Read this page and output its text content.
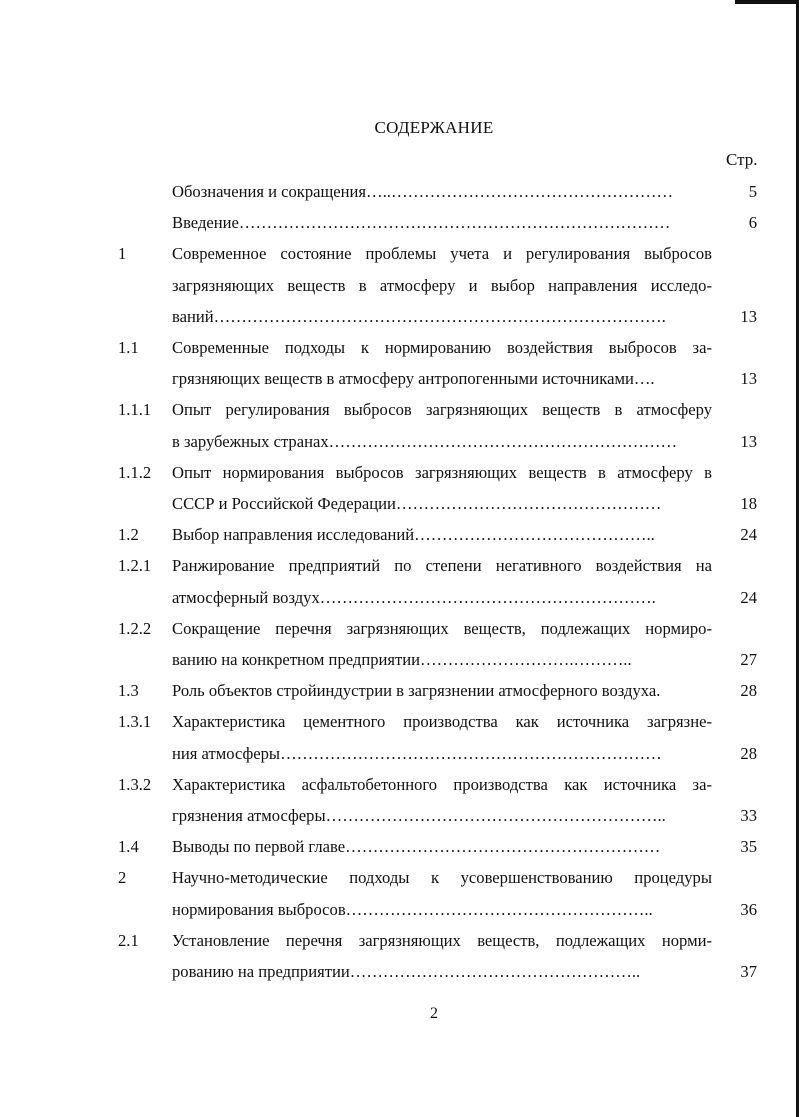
СОДЕРЖАНИЕ
Стр.
Обозначения и сокращения…..……………………………………………	5
Введение……………………………………………………………………	6
1	Современное состояние проблемы учета и регулирования выбросов
загрязняющих веществ в атмосферу и выбор направления исследо-
ваний……………………………………………………………………….	13
1.1 Современные подходы к нормированию воздействия выбросов за-
грязняющих веществ в атмосферу антропогенными источниками….	13
1.1.1 Опыт регулирования выбросов загрязняющих веществ в атмосферу
в зарубежных странах………………………………………………………	13
1.1.2 Опыт нормирования выбросов загрязняющих веществ в атмосферу в
СССР и Российской Федерации…………………………………………	18
1.2 Выбор направления исследований……………………………………..	24
1.2.1 Ранжирование предприятий по степени негативного воздействия на
атмосферный воздух…………………………………………………….	24
1.2.2 Сокращение перечня загрязняющих веществ, подлежащих нормиро-
ванию на конкретном предприятии……………………….………..	27
1.3 Роль объектов стройиндустрии в загрязнении атмосферного воздуха.	28
1.3.1 Характеристика цементного производства как источника загрязне-
ния атмосферы……………………………………………………………	28
1.3.2 Характеристика асфальтобетонного производства как источника за-
грязнения атмосферы……………………………………………………..	33
1.4 Выводы по первой главе…………………………………………………	35
2	Научно-методические подходы к усовершенствованию процедуры
нормирования выбросов………………………………………………..	36
2.1 Установление перечня загрязняющих веществ, подлежащих норми-
рованию на предприятии……………………………………………..	37
2
